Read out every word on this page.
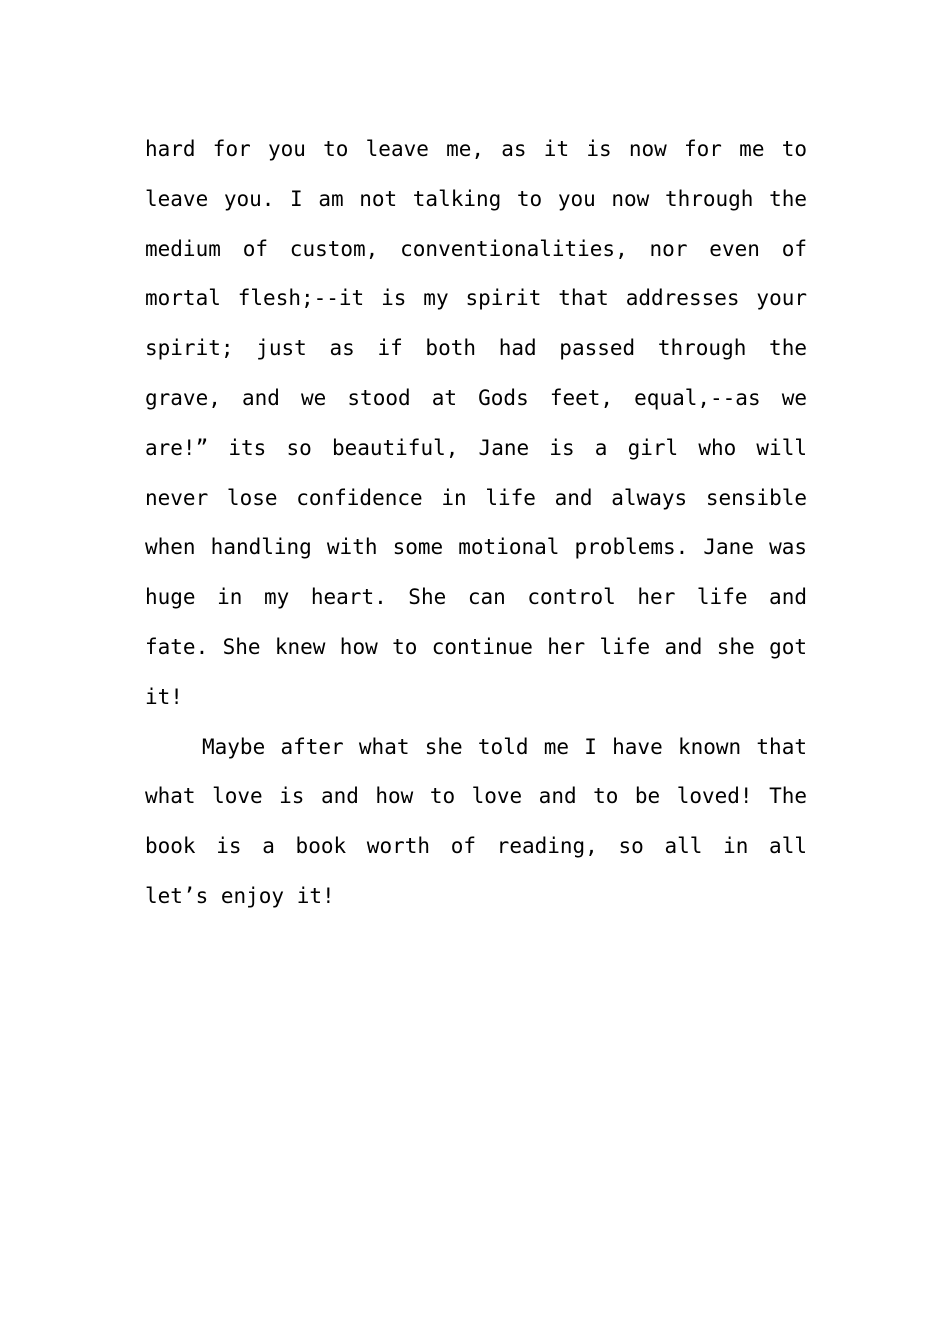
hard for you to leave me, as it is now for me to
leave you. I am not talking to you now through the
medium of custom, conventionalities, nor even of
mortal flesh;--it is my spirit that addresses your
spirit; just as if both had passed through the
grave, and we stood at Gods feet, equal,--as we
are!” its so beautiful, Jane is a girl who will
never lose confidence in life and always sensible
when handling with some motional problems. Jane was
huge in my heart. She can control her life and
fate. She knew how to continue her life and she got
it!
Maybe after what she told me I have known that
what love is and how to love and to be loved! The
book is a book worth of reading, so all in all
let’s enjoy it!
